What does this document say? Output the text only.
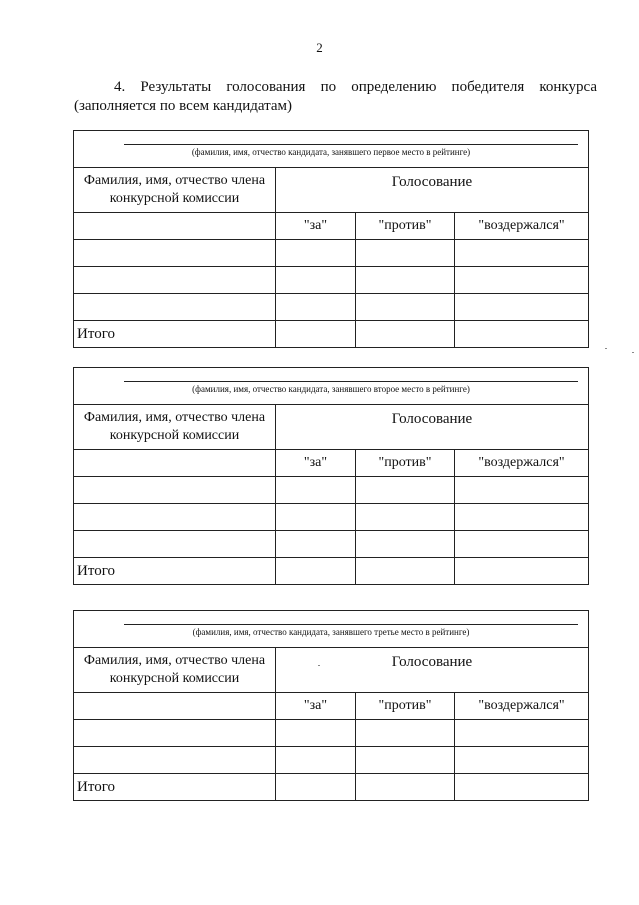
2
4. Результаты голосования по определению победителя конкурса
(заполняется по всем кандидатам)
(фамилия, имя, отчество кандидата, занявшего первое место в рейтинге)			

Фамилия, имя, отчество члена конкурсной комиссии	Голосование		
	"за"	"против"	"воздержался"

Итого			
(фамилия, имя, отчество кандидата, занявшего второе место в рейтинге)			

Фамилия, имя, отчество члена конкурсной комиссии	Голосование		
	"за"	"против"	"воздержался"

Итого			
(фамилия, имя, отчество кандидата, занявшего третье место в рейтинге)			

Фамилия, имя, отчество члена конкурсной комиссии	Голосование		
	"за"	"против"	"воздержался"

Итого			
